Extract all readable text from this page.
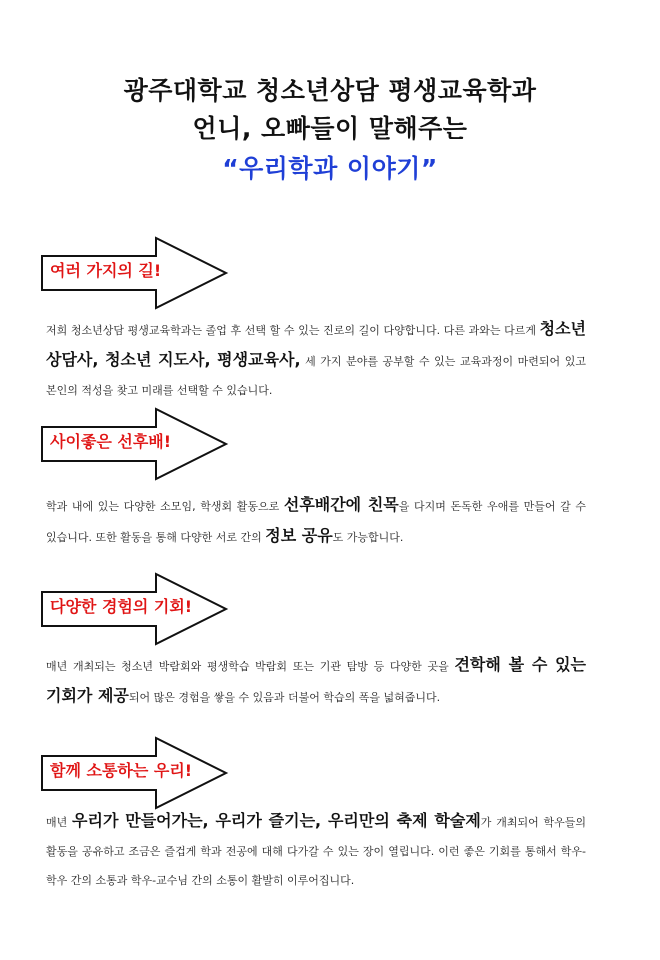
광주대학교 청소년상담 평생교육학과
언니, 오빠들이 말해주는
“우리학과 이야기”
여러 가지의 길!
저희 청소년상담 평생교육학과는 졸업 후 선택 할 수 있는 진로의 길이 다양합니다. 다른 과와는 다르게 청소년 상담사, 청소년 지도사, 평생교육사, 세 가지 분야를 공부할 수 있는 교육과정이 마련되어 있고 본인의 적성을 찾고 미래를 선택할 수 있습니다.
사이좋은 선후배!
학과 내에 있는 다양한 소모임, 학생회 활동으로 선후배간에 친목을 다지며 돈독한 우애를 만들어 갈 수 있습니다. 또한 활동을 통해 다양한 서로 간의 정보 공유도 가능합니다.
다양한 경험의 기회!
매년 개최되는 청소년 박람회와 평생학습 박람회 또는 기관 탐방 등 다양한 곳을 견학해 볼 수 있는 기회가 제공되어 많은 경험을 쌓을 수 있음과 더불어 학습의 폭을 넓혀줍니다.
함께 소통하는 우리!
매년 우리가 만들어가는, 우리가 즐기는, 우리만의 축제 학술제가 개최되어 학우들의 활동을 공유하고 조금은 즐겁게 학과 전공에 대해 다가갈 수 있는 장이 열립니다. 이런 좋은 기회를 통해서 학우-학우 간의 소통과 학우-교수님 간의 소통이 활발히 이루어집니다.
